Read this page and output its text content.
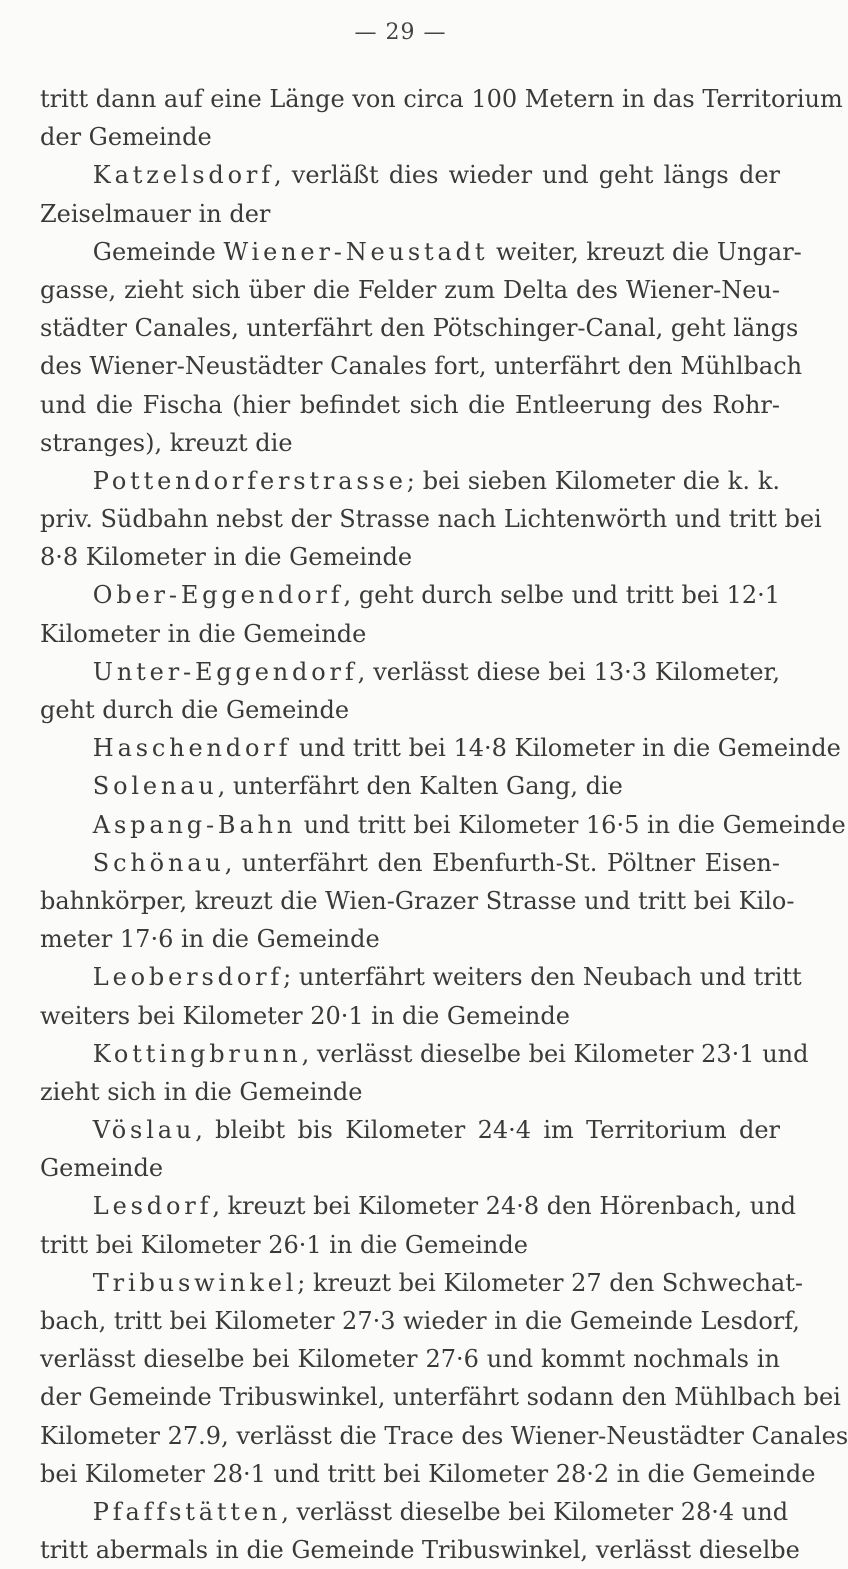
— 29 —
tritt dann auf eine Länge von circa 100 Metern in das Territorium
der Gemeinde
Katzelsdorf, verläßt dies wieder und geht längs der
Zeiselmauer in der
Gemeinde Wiener-Neustadt weiter, kreuzt die Ungar-
gasse, zieht sich über die Felder zum Delta des Wiener-Neu-
städter Canales, unterfährt den Pötschinger-Canal, geht längs
des Wiener-Neustädter Canales fort, unterfährt den Mühlbach
und die Fischa (hier befindet sich die Entleerung des Rohr-
stranges), kreuzt die
Pottendorferstrasse; bei sieben Kilometer die k. k.
priv. Südbahn nebst der Strasse nach Lichtenwörth und tritt bei
8·8 Kilometer in die Gemeinde
Ober-Eggendorf, geht durch selbe und tritt bei 12·1
Kilometer in die Gemeinde
Unter-Eggendorf, verlässt diese bei 13·3 Kilometer,
geht durch die Gemeinde
Haschendorf und tritt bei 14·8 Kilometer in die Gemeinde
Solenau, unterfährt den Kalten Gang, die
Aspang-Bahn und tritt bei Kilometer 16·5 in die Gemeinde
Schönau, unterfährt den Ebenfurth-St. Pöltner Eisen-
bahnkörper, kreuzt die Wien-Grazer Strasse und tritt bei Kilo-
meter 17·6 in die Gemeinde
Leobersdorf; unterfährt weiters den Neubach und tritt
weiters bei Kilometer 20·1 in die Gemeinde
Kottingbrunn, verlässt dieselbe bei Kilometer 23·1 und
zieht sich in die Gemeinde
Vöslau, bleibt bis Kilometer 24·4 im Territorium der
Gemeinde
Lesdorf, kreuzt bei Kilometer 24·8 den Hörenbach, und
tritt bei Kilometer 26·1 in die Gemeinde
Tribuswinkel; kreuzt bei Kilometer 27 den Schwechat-
bach, tritt bei Kilometer 27·3 wieder in die Gemeinde Lesdorf,
verlässt dieselbe bei Kilometer 27·6 und kommt nochmals in
der Gemeinde Tribuswinkel, unterfährt sodann den Mühlbach bei
Kilometer 27.9, verlässt die Trace des Wiener-Neustädter Canales
bei Kilometer 28·1 und tritt bei Kilometer 28·2 in die Gemeinde
Pfaffstätten, verlässt dieselbe bei Kilometer 28·4 und
tritt abermals in die Gemeinde Tribuswinkel, verlässt dieselbe
